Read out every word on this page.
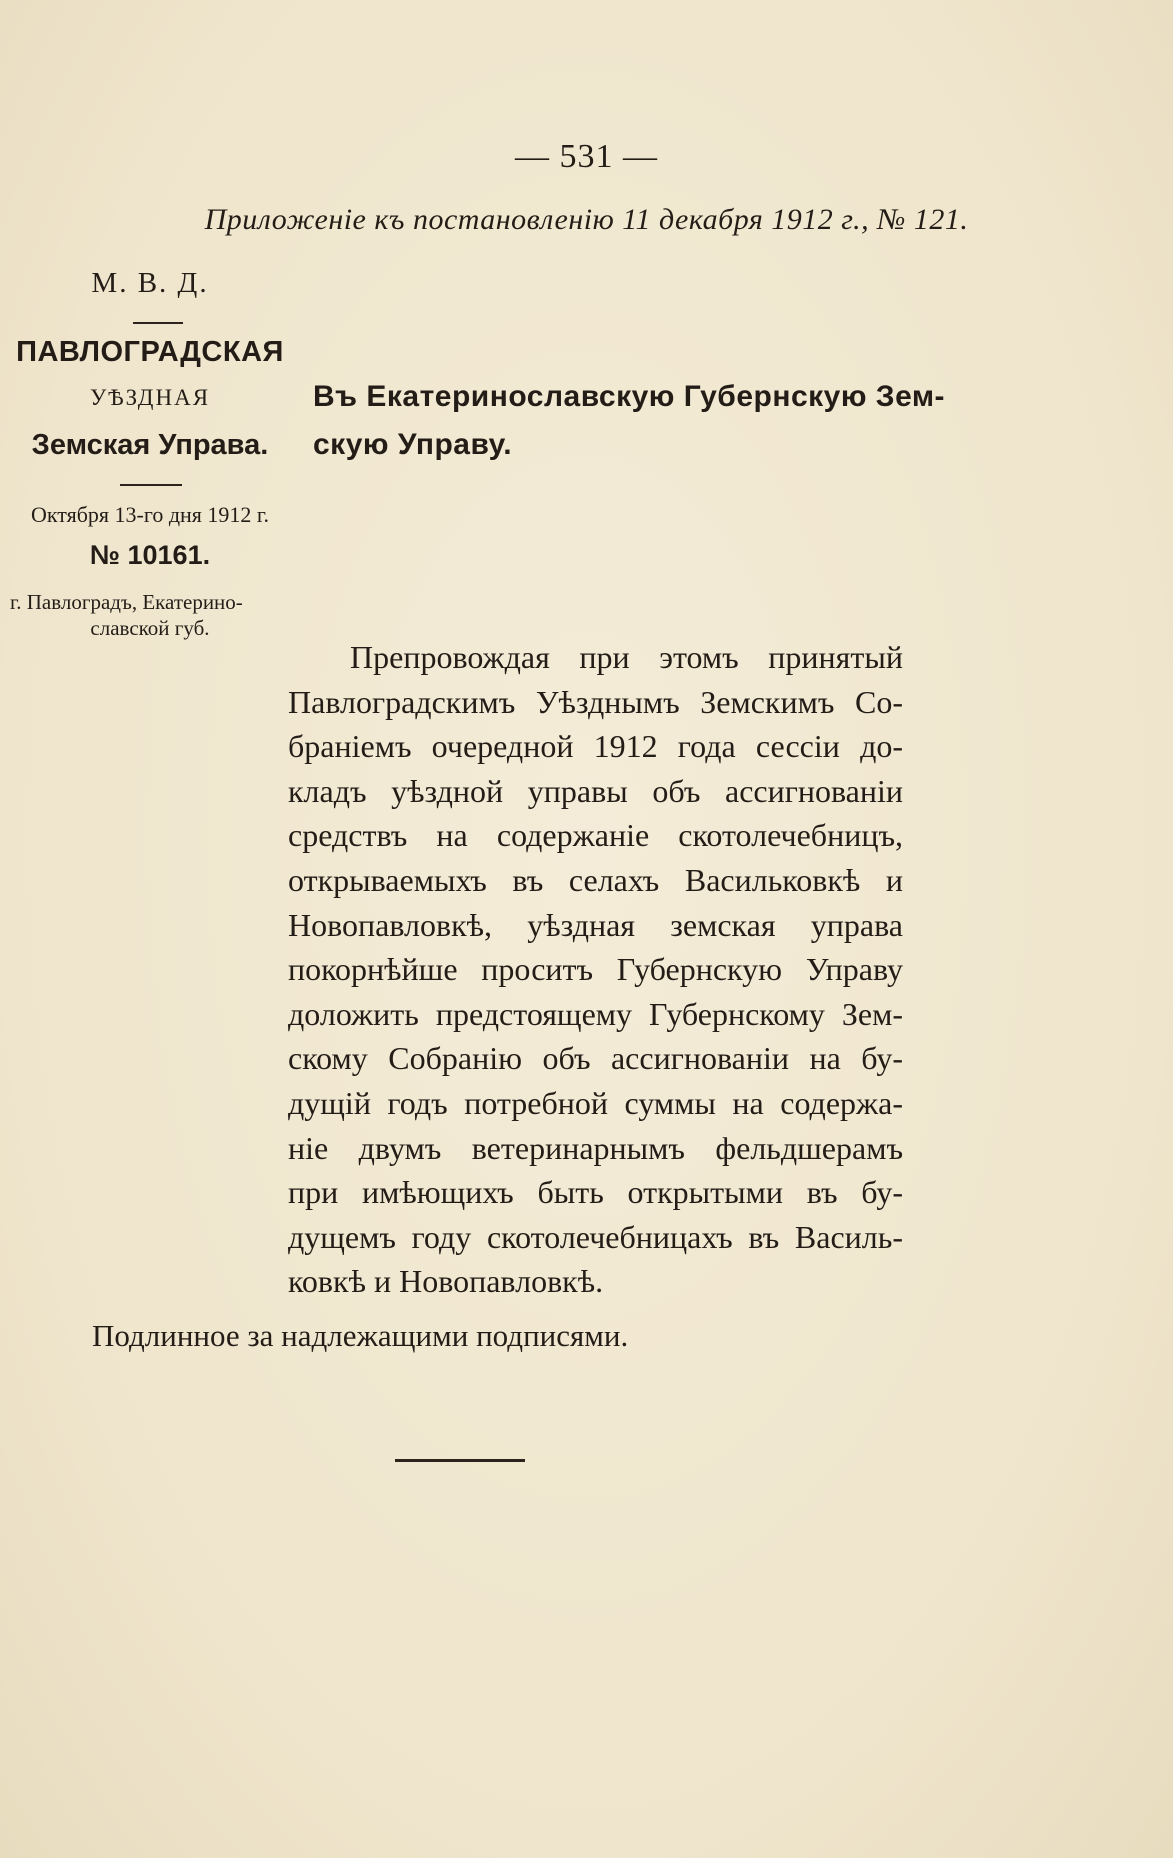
— 531 —
Приложенiе къ постановленiю 11 декабря 1912 г., № 121.
М. В. Д.
ПАВЛОГРАДСКАЯ
УѢЗДНАЯ
Земская Управа.
Октября 13-го дня 1912 г.
№ 10161.
г. Павлоградъ, Екатерино-
славской губ.
Въ Екатеринославскую Губернскую Зем-
скую Управу.
Препровождая при этомъ принятый
Павлоградскимъ Уѣзднымъ Земскимъ Со-
бранiемъ очередной 1912 года сессiи до-
кладъ уѣздной управы объ ассигнованiи
средствъ на содержанiе скотолечебницъ,
открываемыхъ въ селахъ Васильковкѣ и
Новопавловкѣ, уѣздная земская управа
покорнѣйше проситъ Губернскую Управу
доложить предстоящему Губернскому Зем-
скому Собранiю объ ассигнованiи на бу-
дущiй годъ потребной суммы на содержа-
нiе двумъ ветеринарнымъ фельдшерамъ
при имѣющихъ быть открытыми въ бу-
дущемъ году скотолечебницахъ въ Василь-
ковкѣ и Новопавловкѣ.
Подлинное за надлежащими подписями.
